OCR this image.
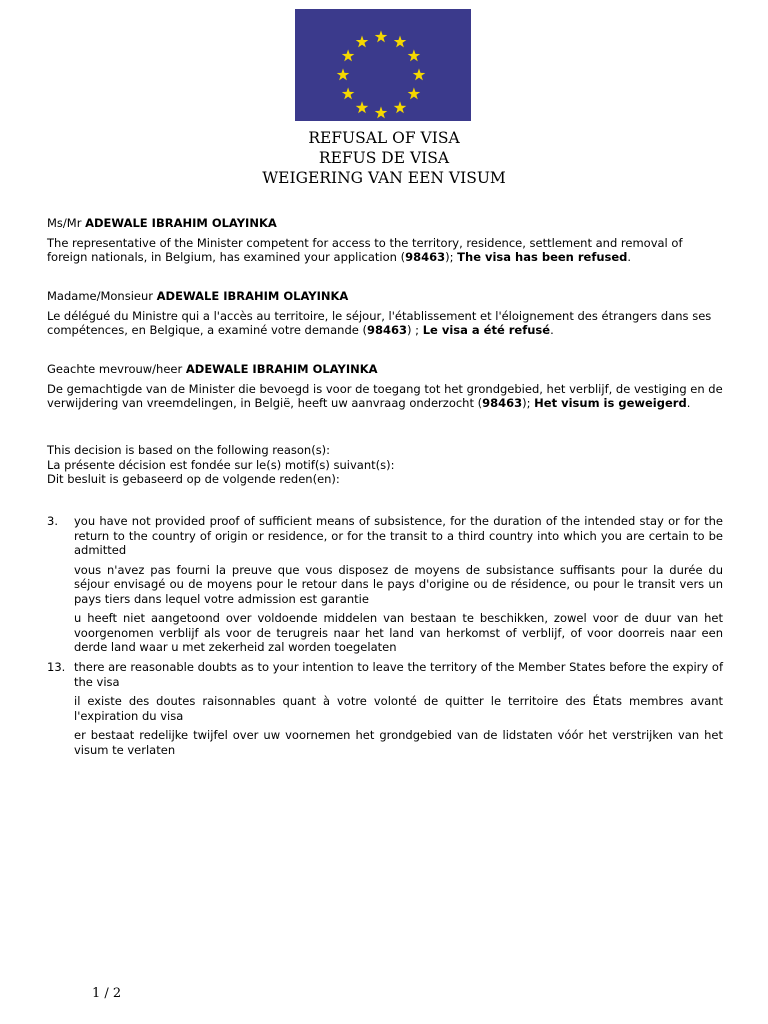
REFUSAL OF VISA
REFUS DE VISA
WEIGERING VAN EEN VISUM
Ms/Mr ADEWALE IBRAHIM OLAYINKA
The representative of the Minister competent for access to the territory, residence, settlement and removal of foreign nationals, in Belgium, has examined your application (98463); The visa has been refused.
Madame/Monsieur ADEWALE IBRAHIM OLAYINKA
Le délégué du Ministre qui a l'accès au territoire, le séjour, l'établissement et l'éloignement des étrangers dans ses compétences, en Belgique, a examiné votre demande (98463) ; Le visa a été refusé.
Geachte mevrouw/heer ADEWALE IBRAHIM OLAYINKA
De gemachtigde van de Minister die bevoegd is voor de toegang tot het grondgebied, het verblijf, de vestiging en de verwijdering van vreemdelingen, in België, heeft uw aanvraag onderzocht (98463); Het visum is geweigerd.
This decision is based on the following reason(s):
La présente décision est fondée sur le(s) motif(s) suivant(s):
Dit besluit is gebaseerd op de volgende reden(en):
3.	you have not provided proof of sufficient means of subsistence, for the duration of the intended stay or for the return to the country of origin or residence, or for the transit to a third country into which you are certain to be admitted
vous n'avez pas fourni la preuve que vous disposez de moyens de subsistance suffisants pour la durée du séjour envisagé ou de moyens pour le retour dans le pays d'origine ou de résidence, ou pour le transit vers un pays tiers dans lequel votre admission est garantie
u heeft niet aangetoond over voldoende middelen van bestaan te beschikken, zowel voor de duur van het voorgenomen verblijf als voor de terugreis naar het land van herkomst of verblijf, of voor doorreis naar een derde land waar u met zekerheid zal worden toegelaten
13. there are reasonable doubts as to your intention to leave the territory of the Member States before the expiry of the visa
il existe des doutes raisonnables quant à votre volonté de quitter le territoire des États membres avant l'expiration du visa
er bestaat redelijke twijfel over uw voornemen het grondgebied van de lidstaten vóór het verstrijken van het visum te verlaten
1 / 2
